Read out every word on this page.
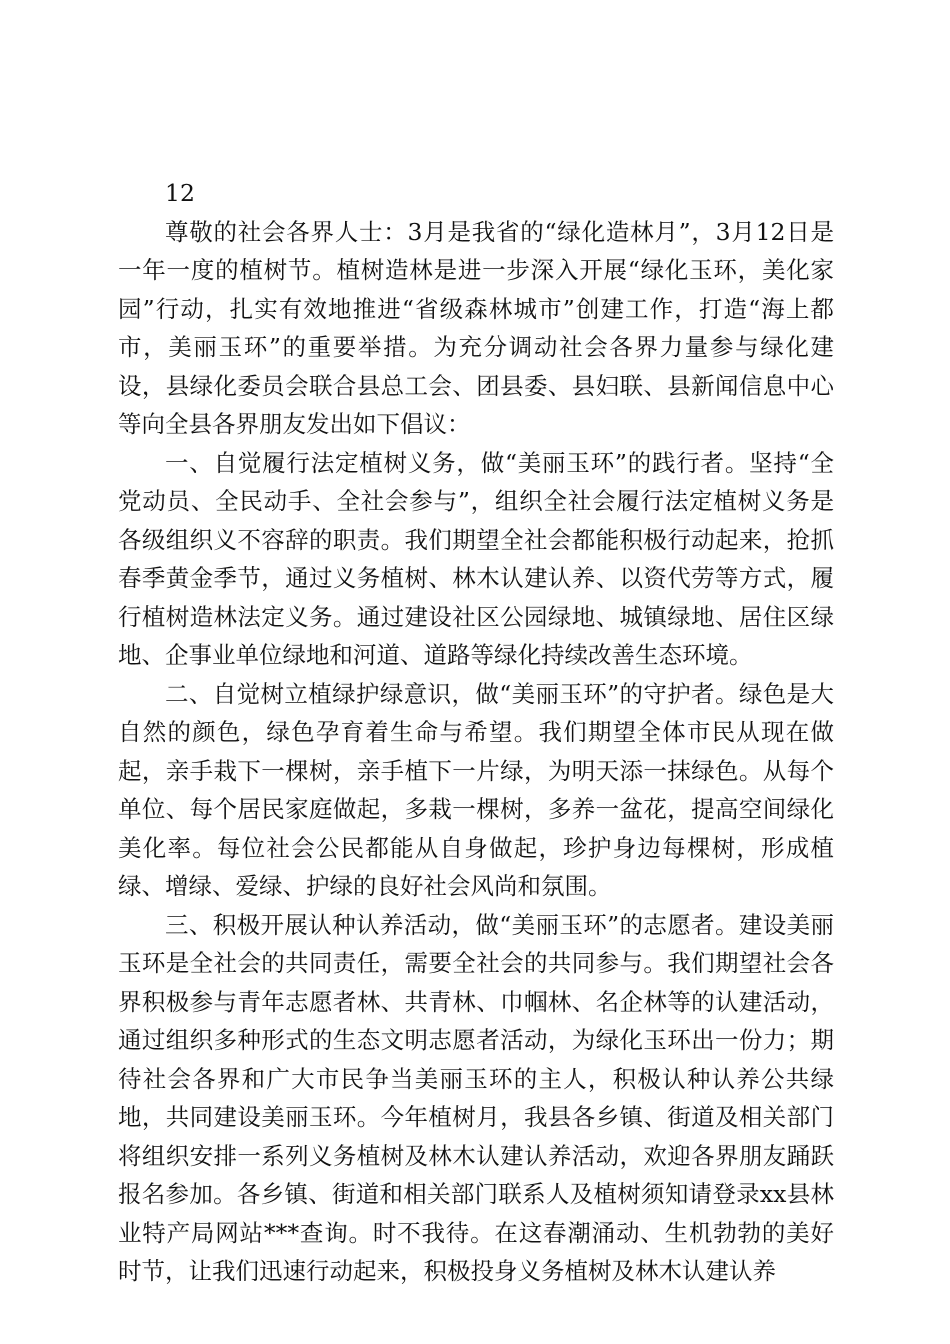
12

尊敬的社会各界人士：3月是我省的“绿化造林月”，3月12日是一年一度的植树节。植树造林是进一步深入开展“绿化玉环，美化家园”行动，扎实有效地推进“省级森林城市”创建工作，打造“海上都市，美丽玉环”的重要举措。为充分调动社会各界力量参与绿化建设，县绿化委员会联合县总工会、团县委、县妇联、县新闻信息中心等向全县各界朋友发出如下倡议：

一、自觉履行法定植树义务，做“美丽玉环”的践行者。坚持“全党动员、全民动手、全社会参与”，组织全社会履行法定植树义务是各级组织义不容辞的职责。我们期望全社会都能积极行动起来，抢抓春季黄金季节，通过义务植树、林木认建认养、以资代劳等方式，履行植树造林法定义务。通过建设社区公园绿地、城镇绿地、居住区绿地、企事业单位绿地和河道、道路等绿化持续改善生态环境。

二、自觉树立植绿护绿意识，做“美丽玉环”的守护者。绿色是大自然的颜色，绿色孕育着生命与希望。我们期望全体市民从现在做起，亲手栽下一棵树，亲手植下一片绿，为明天添一抹绿色。从每个单位、每个居民家庭做起，多栽一棵树，多养一盆花，提高空间绿化美化率。每位社会公民都能从自身做起，珍护身边每棵树，形成植绿、增绿、爱绿、护绿的良好社会风尚和氛围。

三、积极开展认种认养活动，做“美丽玉环”的志愿者。建设美丽玉环是全社会的共同责任，需要全社会的共同参与。我们期望社会各界积极参与青年志愿者林、共青林、巾帼林、名企林等的认建活动，通过组织多种形式的生态文明志愿者活动，为绿化玉环出一份力；期待社会各界和广大市民争当美丽玉环的主人，积极认种认养公共绿地，共同建设美丽玉环。今年植树月，我县各乡镇、街道及相关部门将组织安排一系列义务植树及林木认建认养活动，欢迎各界朋友踊跃报名参加。各乡镇、街道和相关部门联系人及植树须知请登录xx县林业特产局网站***查询。时不我待。在这春潮涌动、生机勃勃的美好时节，让我们迅速行动起来，积极投身义务植树及林木认建认养
